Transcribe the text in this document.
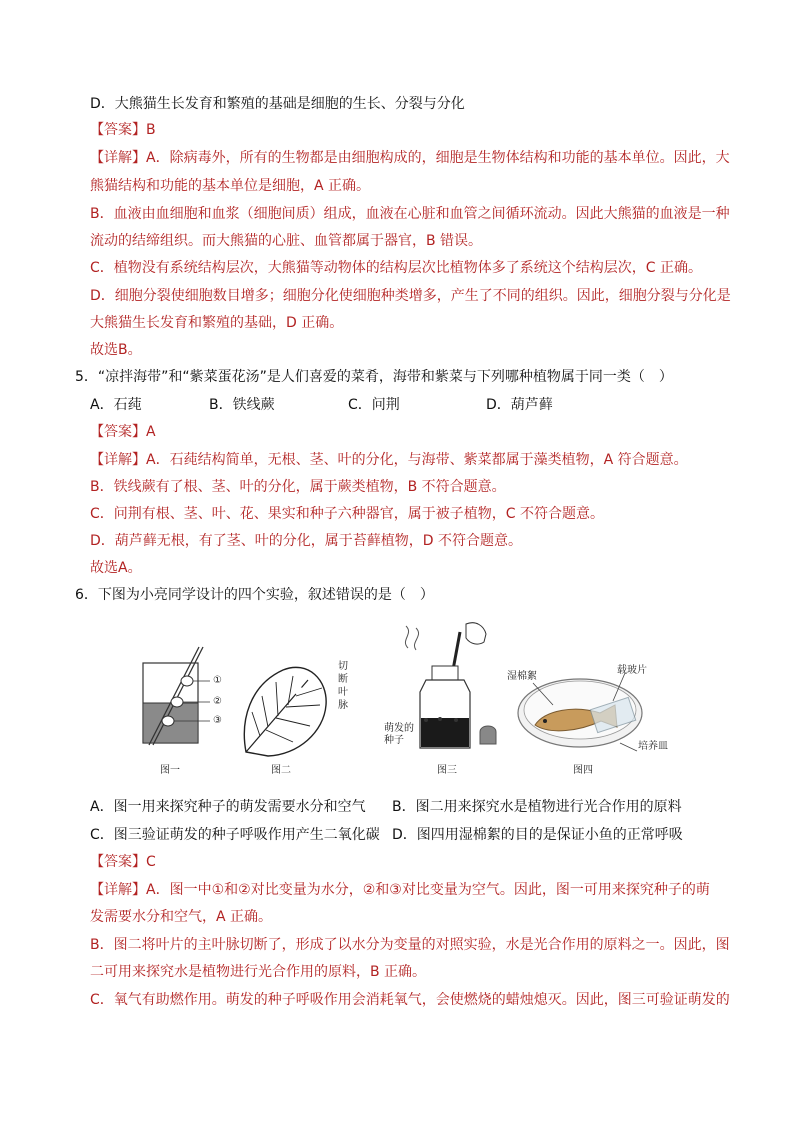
D．大熊猫生长发育和繁殖的基础是细胞的生长、分裂与分化
【答案】B
【详解】A．除病毒外，所有的生物都是由细胞构成的，细胞是生物体结构和功能的基本单位。因此，大
熊猫结构和功能的基本单位是细胞，A 正确。
B．血液由血细胞和血浆（细胞间质）组成，血液在心脏和血管之间循环流动。因此大熊猫的血液是一种
流动的结缔组织。而大熊猫的心脏、血管都属于器官，B 错误。
C．植物没有系统结构层次，大熊猫等动物体的结构层次比植物体多了系统这个结构层次，C 正确。
D．细胞分裂使细胞数目增多；细胞分化使细胞种类增多，产生了不同的组织。因此，细胞分裂与分化是
大熊猫生长发育和繁殖的基础，D 正确。
故选B。
5．“凉拌海带”和“紫菜蛋花汤”是人们喜爱的菜肴，海带和紫菜与下列哪种植物属于同一类（　）
A．石莼	B．铁线蕨	C．问荆	D．葫芦藓
【答案】A
【详解】A．石莼结构简单，无根、茎、叶的分化，与海带、紫菜都属于藻类植物，A 符合题意。
B．铁线蕨有了根、茎、叶的分化，属于蕨类植物，B 不符合题意。
C．问荆有根、茎、叶、花、果实和种子六种器官，属于被子植物，C 不符合题意。
D．葫芦藓无根，有了茎、叶的分化，属于苔藓植物，D 不符合题意。
故选A。
6．下图为小亮同学设计的四个实验，叙述错误的是（　）
①
②
③
图一
切断叶脉
图二
萌发的种子
图三
湿棉絮
载玻片
培养皿
图四
A．图一用来探究种子的萌发需要水分和空气 B．图二用来探究水是植物进行光合作用的原料
C．图三验证萌发的种子呼吸作用产生二氧化碳 D．图四用湿棉絮的目的是保证小鱼的正常呼吸
【答案】C
【详解】A．图一中①和②对比变量为水分，②和③对比变量为空气。因此，图一可用来探究种子的萌
发需要水分和空气，A 正确。
B．图二将叶片的主叶脉切断了，形成了以水分为变量的对照实验，水是光合作用的原料之一。因此，图
二可用来探究水是植物进行光合作用的原料，B 正确。
C．氧气有助燃作用。萌发的种子呼吸作用会消耗氧气，会使燃烧的蜡烛熄灭。因此，图三可验证萌发的
